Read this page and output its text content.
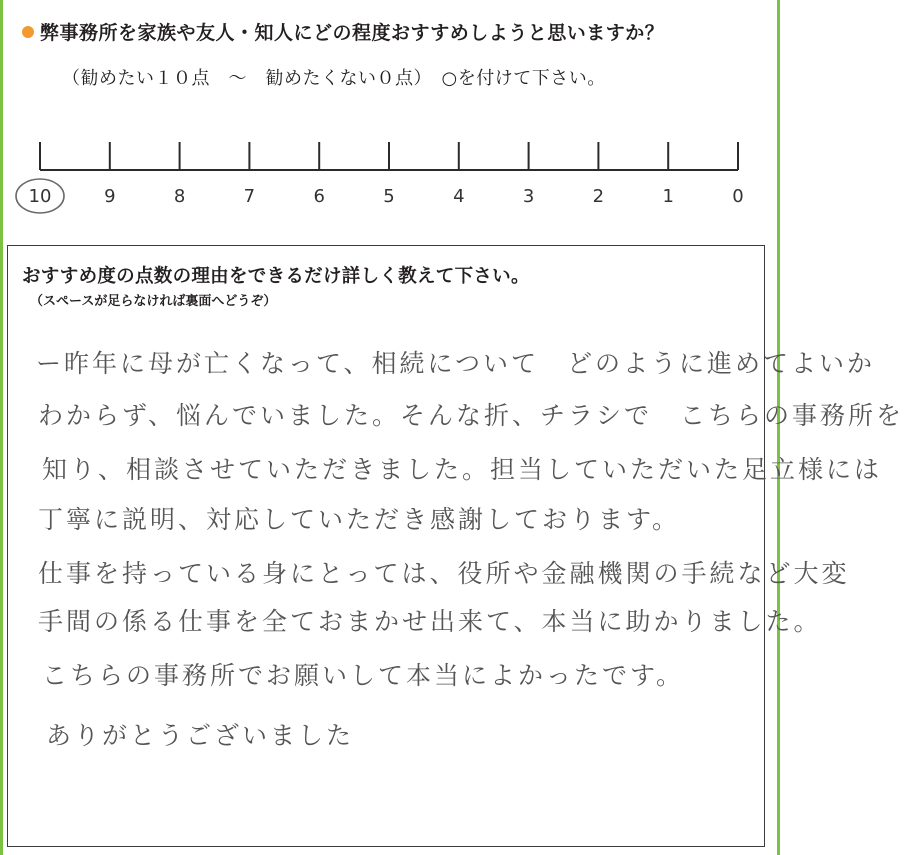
弊事務所を家族や友人・知人にどの程度おすすめしようと思いますか？
（勧めたい１０点　～　勧めたくない０点）　○を付けて下さい。
10	9	8	7	6	5	4	3	2	1	0
おすすめ度の点数の理由をできるだけ詳しく教えて下さい。
（スペースが足らなければ裏面へどうぞ）
ー昨年に母が亡くなって、相続について　どのように進めてよいか
わからず、悩んでいました。そんな折、チラシで　こちらの事務所を
知り、相談させていただきました。担当していただいた足立様には
丁寧に説明、対応していただき感謝しております。
仕事を持っている身にとっては、役所や金融機関の手続など大変
手間の係る仕事を全ておまかせ出来て、本当に助かりました。
こちらの事務所でお願いして本当によかったです。
ありがとうございました
